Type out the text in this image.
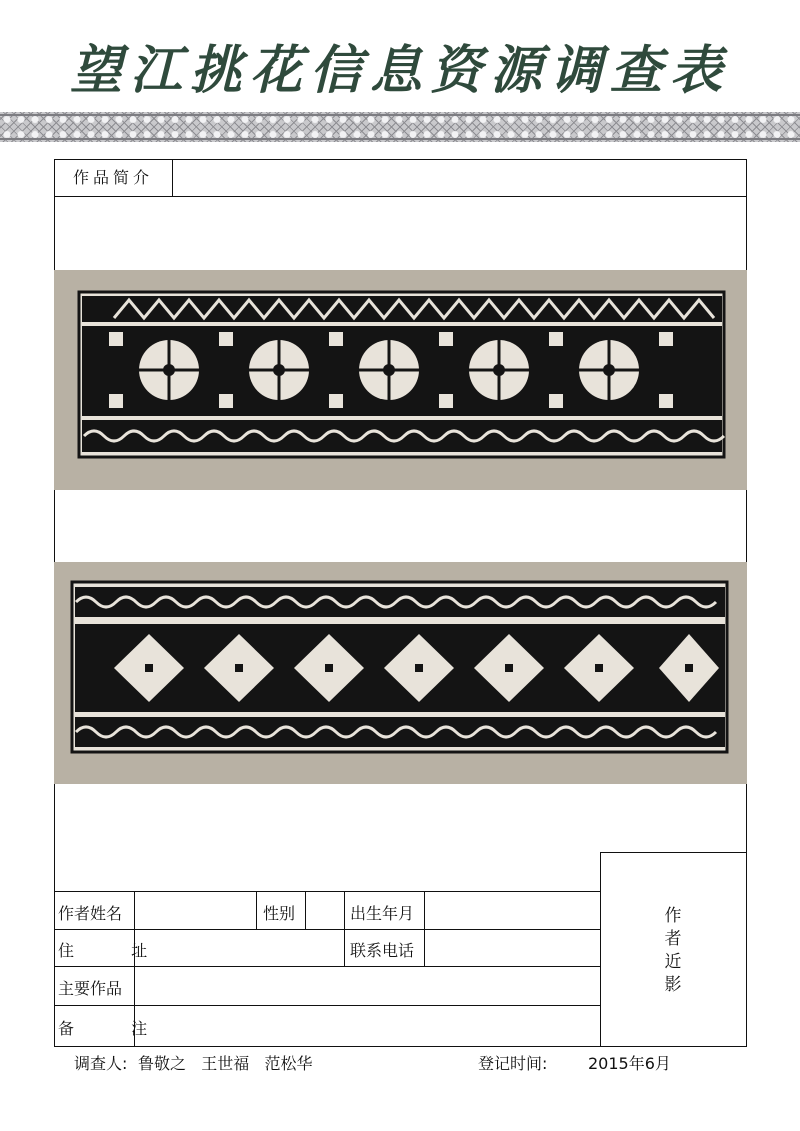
望江挑花信息资源调查表
作品简介
作者姓名	性别	出生年月
住 址	联系电话
主要作品
备 注
作者近影
调查人: 鲁敬之   王世福   范松华	登记时间:	2015年6月
